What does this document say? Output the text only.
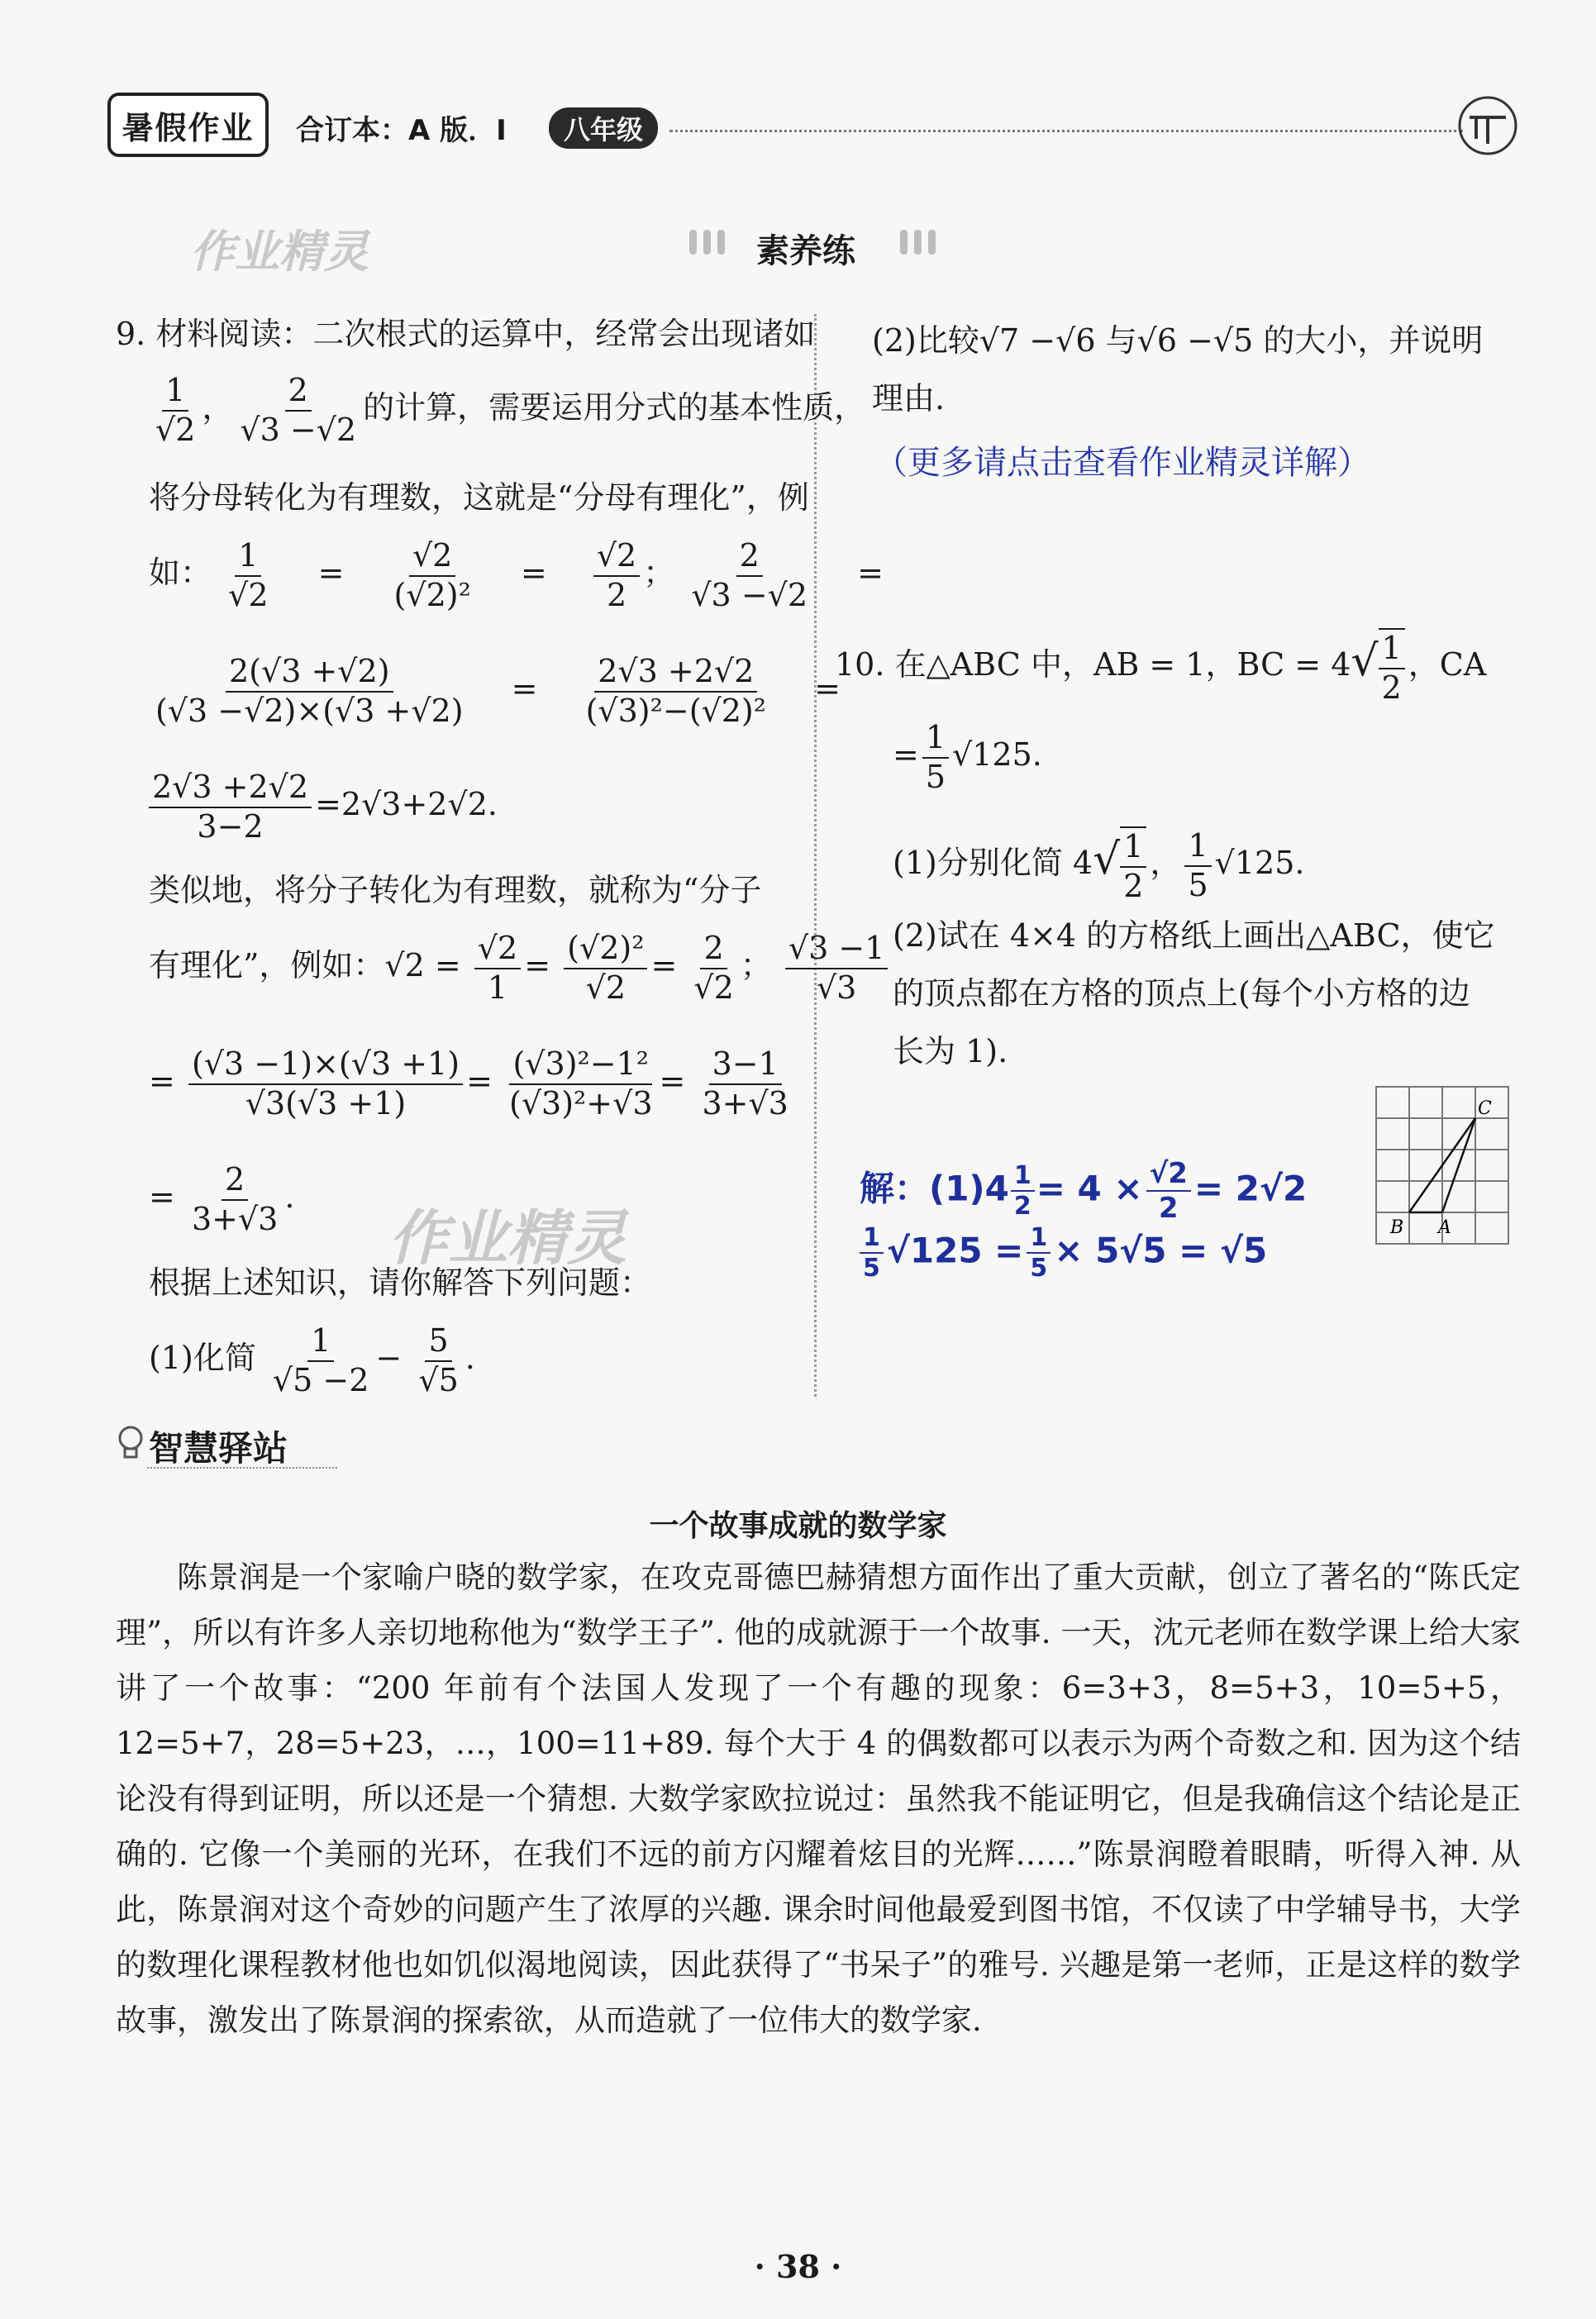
暑假作业	合订本：A 版．I	八年级
作业精灵	素养练
9. 材料阅读：二次根式的运算中，经常会出现诸如
$\frac{1}{√2}$ ， $\frac{2}{√3 -√2}$ 的计算，需要运用分式的基本性质，
将分母转化为有理数，这就是“分母有理化”，例
如： $\frac{1}{√2} = \frac{√2}{\text{(√2)²}} = \frac{√2}{2}$ ； $\frac{2}{√3 -√2}$ =
$\frac{2(√3 +√2)}{(√3 -√2)\times(√3 +√2)} = \frac{2√3 +2√2}{\text{(√3)²−(√2)²}}$ =
$\frac{2√3 +2√2}{3-2} =2√3+2√2$.
类似地，将分子转化为有理数，就称为“分子
有理化”，例如：$√2 = \frac{√2}{1} = \frac{\text{(√2)²}}{√2} = \frac{2}{√2}$ ； $\frac{√3 -1}{√3}$
= $\frac{(√3 -1)\times(√3 +1)}{√3(√3 +1)} = \frac{\text{(√3)²−1²}}{\text{(√3)²+√3}} = \frac{3-1}{3+√3}$
= $\frac{2}{3+√3}$ .
作业精灵
根据上述知识，请你解答下列问题：
(1)化简 $\frac{1}{√5 -2} - \frac{5}{√5}$ .
(2)比较√7 −√6 与√6 −√5 的大小，并说明
理由.
（更多请点击查看作业精灵详解）
10. 在△ABC 中，AB = 1，BC = $4√ \frac{1}{2}$ ，CA
= $\frac{1}{5} √125$.
(1)分别化简 $4√ \frac{1}{2}$ ， $\frac{1}{5} √125$.
(2)试在 4×4 的方格纸上画出△ABC，使它
的顶点都在方格的顶点上(每个小方格的边
长为 1).
B A
C
解：$(1)4 \frac{1}{2} = 4 \times \frac{√2}{2} = 2√2$
$\frac{1}{5} √125 = \frac{1}{5} \times 5√5 = √5$
智慧驿站
一个故事成就的数学家

陈景润是一个家喻户晓的数学家，在攻克哥德巴赫猜想方面作出了重大贡献，创立了著名的“陈氏定理”，所以有许多人亲切地称他为“数学王子”. 他的成就源于一个故事. 一天，沈元老师在数学课上给大家讲了一个故事：“200 年前有个法国人发现了一个有趣的现象：6=3+3，8=5+3，10=5+5，12=5+7，28=5+23，…，100=11+89. 每个大于 4 的偶数都可以表示为两个奇数之和. 因为这个结论没有得到证明，所以还是一个猜想. 大数学家欧拉说过：虽然我不能证明它，但是我确信这个结论是正确的. 它像一个美丽的光环，在我们不远的前方闪耀着炫目的光辉……”陈景润瞪着眼睛，听得入神. 从此，陈景润对这个奇妙的问题产生了浓厚的兴趣. 课余时间他最爱到图书馆，不仅读了中学辅导书，大学的数理化课程教材他也如饥似渴地阅读，因此获得了“书呆子”的雅号. 兴趣是第一老师，正是这样的数学故事，激发出了陈景润的探索欲，从而造就了一位伟大的数学家.

· 38 ·
